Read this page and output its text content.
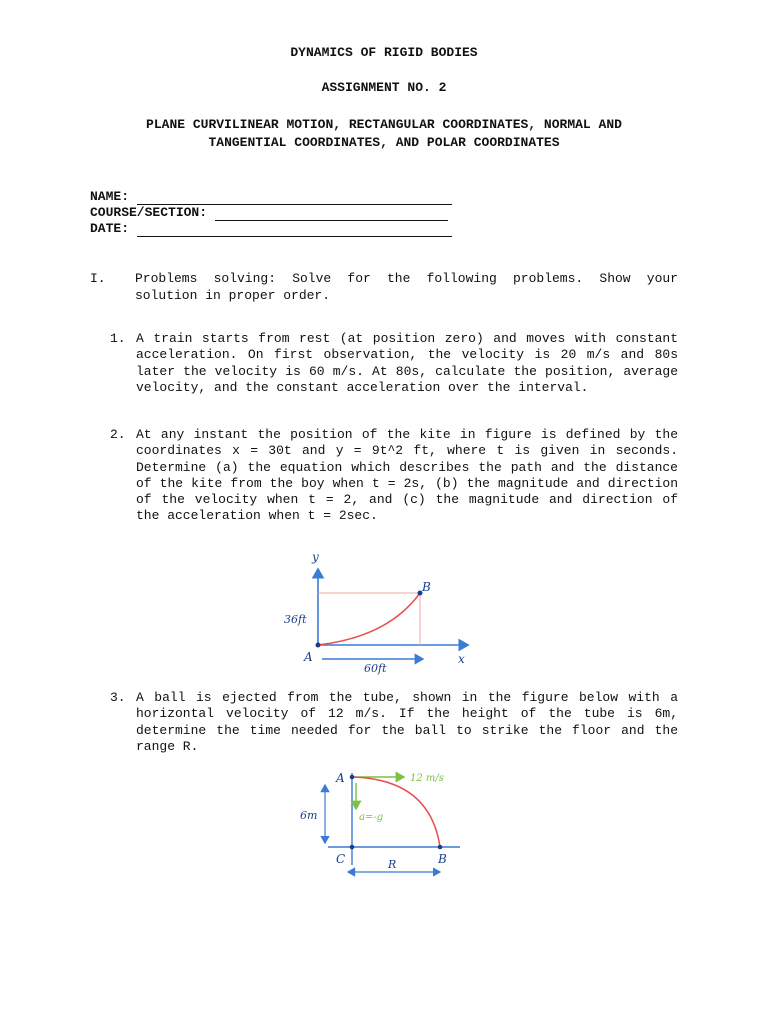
DYNAMICS OF RIGID BODIES
ASSIGNMENT NO. 2
PLANE CURVILINEAR MOTION, RECTANGULAR COORDINATES, NORMAL AND
TANGENTIAL COORDINATES, AND POLAR COORDINATES
NAME:
COURSE/SECTION:
DATE:
I. Problems solving: Solve for the following problems. Show your solution in proper order.
1. A train starts from rest (at position zero) and moves with constant acceleration. On first observation, the velocity is 20 m/s and 80s later the velocity is 60 m/s. At 80s, calculate the position, average velocity, and the constant acceleration over the interval.
2. At any instant the position of the kite in figure is defined by the coordinates x = 30t and y = 9t^2 ft, where t is given in seconds. Determine (a) the equation which describes the path and the distance of the kite from the boy when t = 2s, (b) the magnitude and direction of the velocity when t = 2, and (c) the magnitude and direction of the acceleration when t = 2sec.
y
x
A
B
36ft
60ft
3. A ball is ejected from the tube, shown in the figure below with a horizontal velocity of 12 m/s. If the height of the tube is 6m, determine the time needed for the ball to strike the floor and the range R.
A
B
C
12 m/s
a=-g
6m
R
